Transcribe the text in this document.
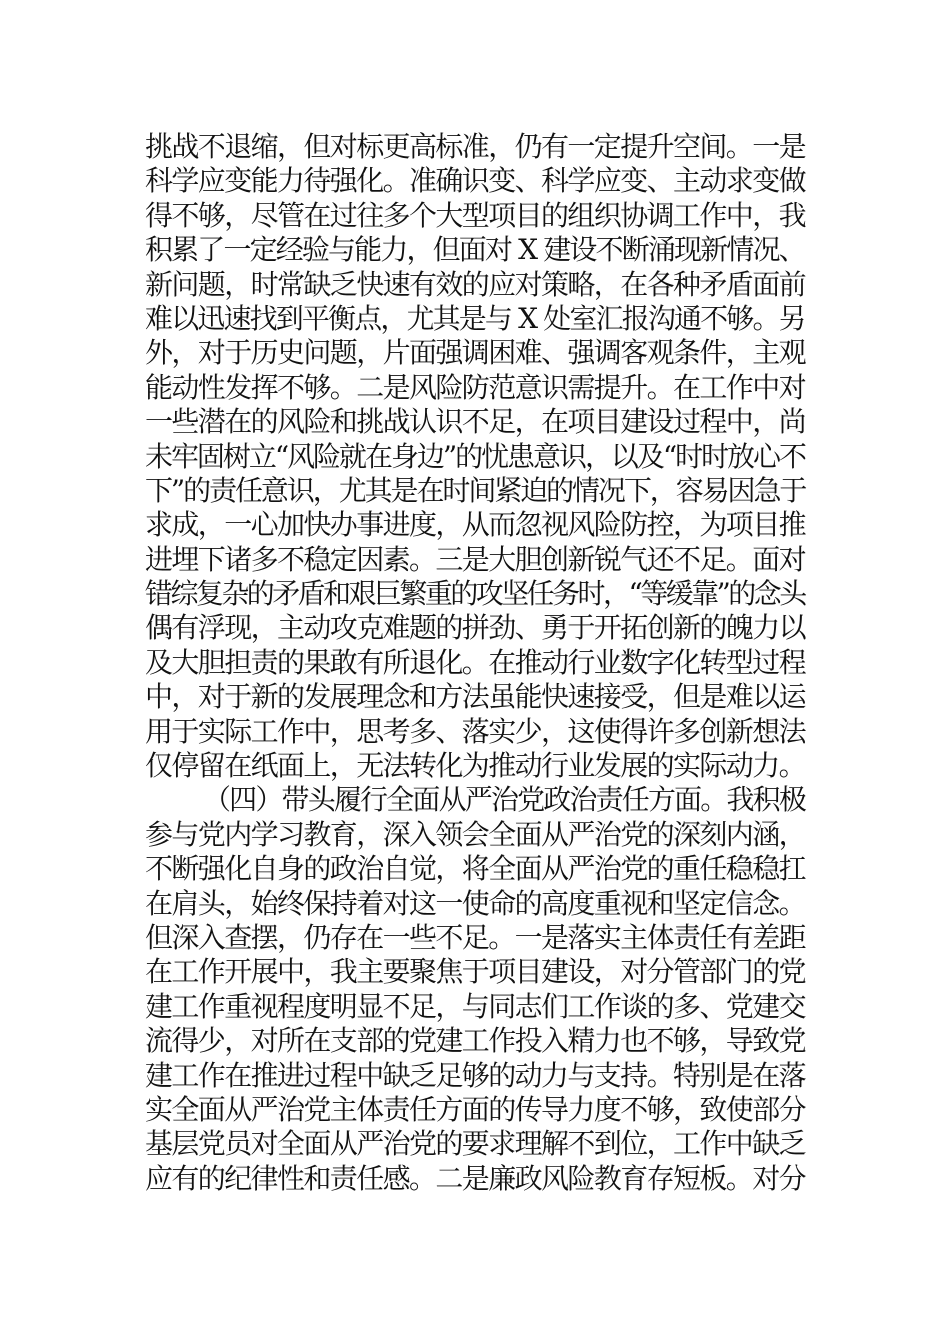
挑战不退缩，但对标更高标准，仍有一定提升空间。一是
科学应变能力待强化。准确识变、科学应变、主动求变做
得不够，尽管在过往多个大型项目的组织协调工作中，我
积累了一定经验与能力，但面对 X 建设不断涌现新情况、
新问题，时常缺乏快速有效的应对策略，在各种矛盾面前
难以迅速找到平衡点，尤其是与 X 处室汇报沟通不够。另
外，对于历史问题，片面强调困难、强调客观条件，主观
能动性发挥不够。二是风险防范意识需提升。在工作中对
一些潜在的风险和挑战认识不足，在项目建设过程中，尚
未牢固树立“风险就在身边”的忧患意识，以及“时时放心不
下”的责任意识，尤其是在时间紧迫的情况下，容易因急于
求成，一心加快办事进度，从而忽视风险防控，为项目推
进埋下诸多不稳定因素。三是大胆创新锐气还不足。面对
错综复杂的矛盾和艰巨繁重的攻坚任务时，“等缓靠”的念头
偶有浮现，主动攻克难题的拼劲、勇于开拓创新的魄力以
及大胆担责的果敢有所退化。在推动行业数字化转型过程
中，对于新的发展理念和方法虽能快速接受，但是难以运
用于实际工作中，思考多、落实少，这使得许多创新想法
仅停留在纸面上，无法转化为推动行业发展的实际动力。
（四）带头履行全面从严治党政治责任方面。我积极
参与党内学习教育，深入领会全面从严治党的深刻内涵，
不断强化自身的政治自觉，将全面从严治党的重任稳稳扛
在肩头，始终保持着对这一使命的高度重视和坚定信念。
但深入查摆，仍存在一些不足。一是落实主体责任有差距
在工作开展中，我主要聚焦于项目建设，对分管部门的党
建工作重视程度明显不足，与同志们工作谈的多、党建交
流得少，对所在支部的党建工作投入精力也不够，导致党
建工作在推进过程中缺乏足够的动力与支持。特别是在落
实全面从严治党主体责任方面的传导力度不够，致使部分
基层党员对全面从严治党的要求理解不到位，工作中缺乏
应有的纪律性和责任感。二是廉政风险教育存短板。对分
